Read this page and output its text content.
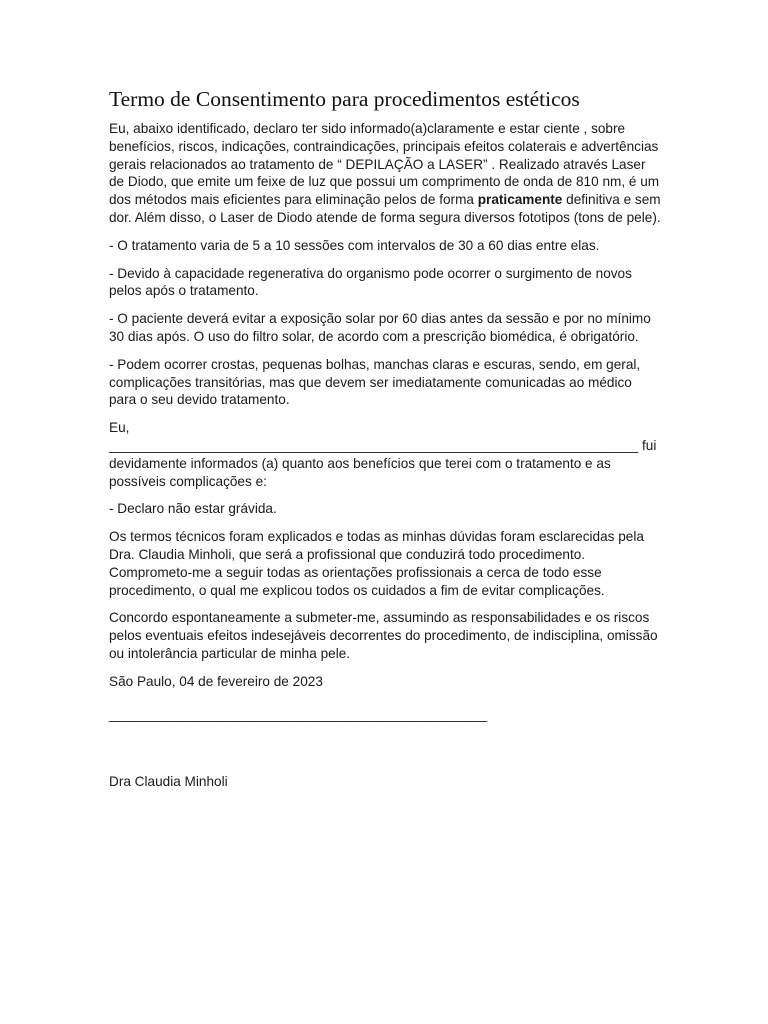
Termo de Consentimento para procedimentos estéticos

Eu, abaixo identificado, declaro ter sido informado(a)claramente e estar ciente , sobre benefícios, riscos, indicações, contraindicações, principais efeitos colaterais e advertências gerais relacionados ao tratamento de “ DEPILAÇÃO a LASER” . Realizado através Laser de Diodo, que emite um feixe de luz que possui um comprimento de onda de 810 nm, é um dos métodos mais eficientes para eliminação pelos de forma praticamente definitiva e sem dor. Além disso, o Laser de Diodo atende de forma segura diversos fototipos (tons de pele).

- O tratamento varia de 5 a 10 sessões com intervalos de 30 a 60 dias entre elas.

- Devido à capacidade regenerativa do organismo pode ocorrer o surgimento de novos pelos após o tratamento.

- O paciente deverá evitar a exposição solar por 60 dias antes da sessão e por no mínimo 30 dias após. O uso do filtro solar, de acordo com a prescrição biomédica, é obrigatório.

- Podem ocorrer crostas, pequenas bolhas, manchas claras e escuras, sendo, em geral, complicações transitórias, mas que devem ser imediatamente comunicadas ao médico para o seu devido tratamento.

Eu, ______________________________________________________________________ fui devidamente informados (a) quanto aos benefícios que terei com o tratamento e as possíveis complicações e:

- Declaro não estar grávida.

Os termos técnicos foram explicados e todas as minhas dúvidas foram esclarecidas pela Dra. Claudia Minholi, que será a profissional que conduzirá todo procedimento. Comprometo-me a seguir todas as orientações profissionais a cerca de todo esse procedimento, o qual me explicou todos os cuidados a fim de evitar complicações.

Concordo espontaneamente a submeter-me, assumindo as responsabilidades e os riscos pelos eventuais efeitos indesejáveis decorrentes do procedimento, de indisciplina, omissão ou intolerância particular de minha pele.

São Paulo, 04 de fevereiro de 2023

__________________________________________________
Dra Claudia Minholi
